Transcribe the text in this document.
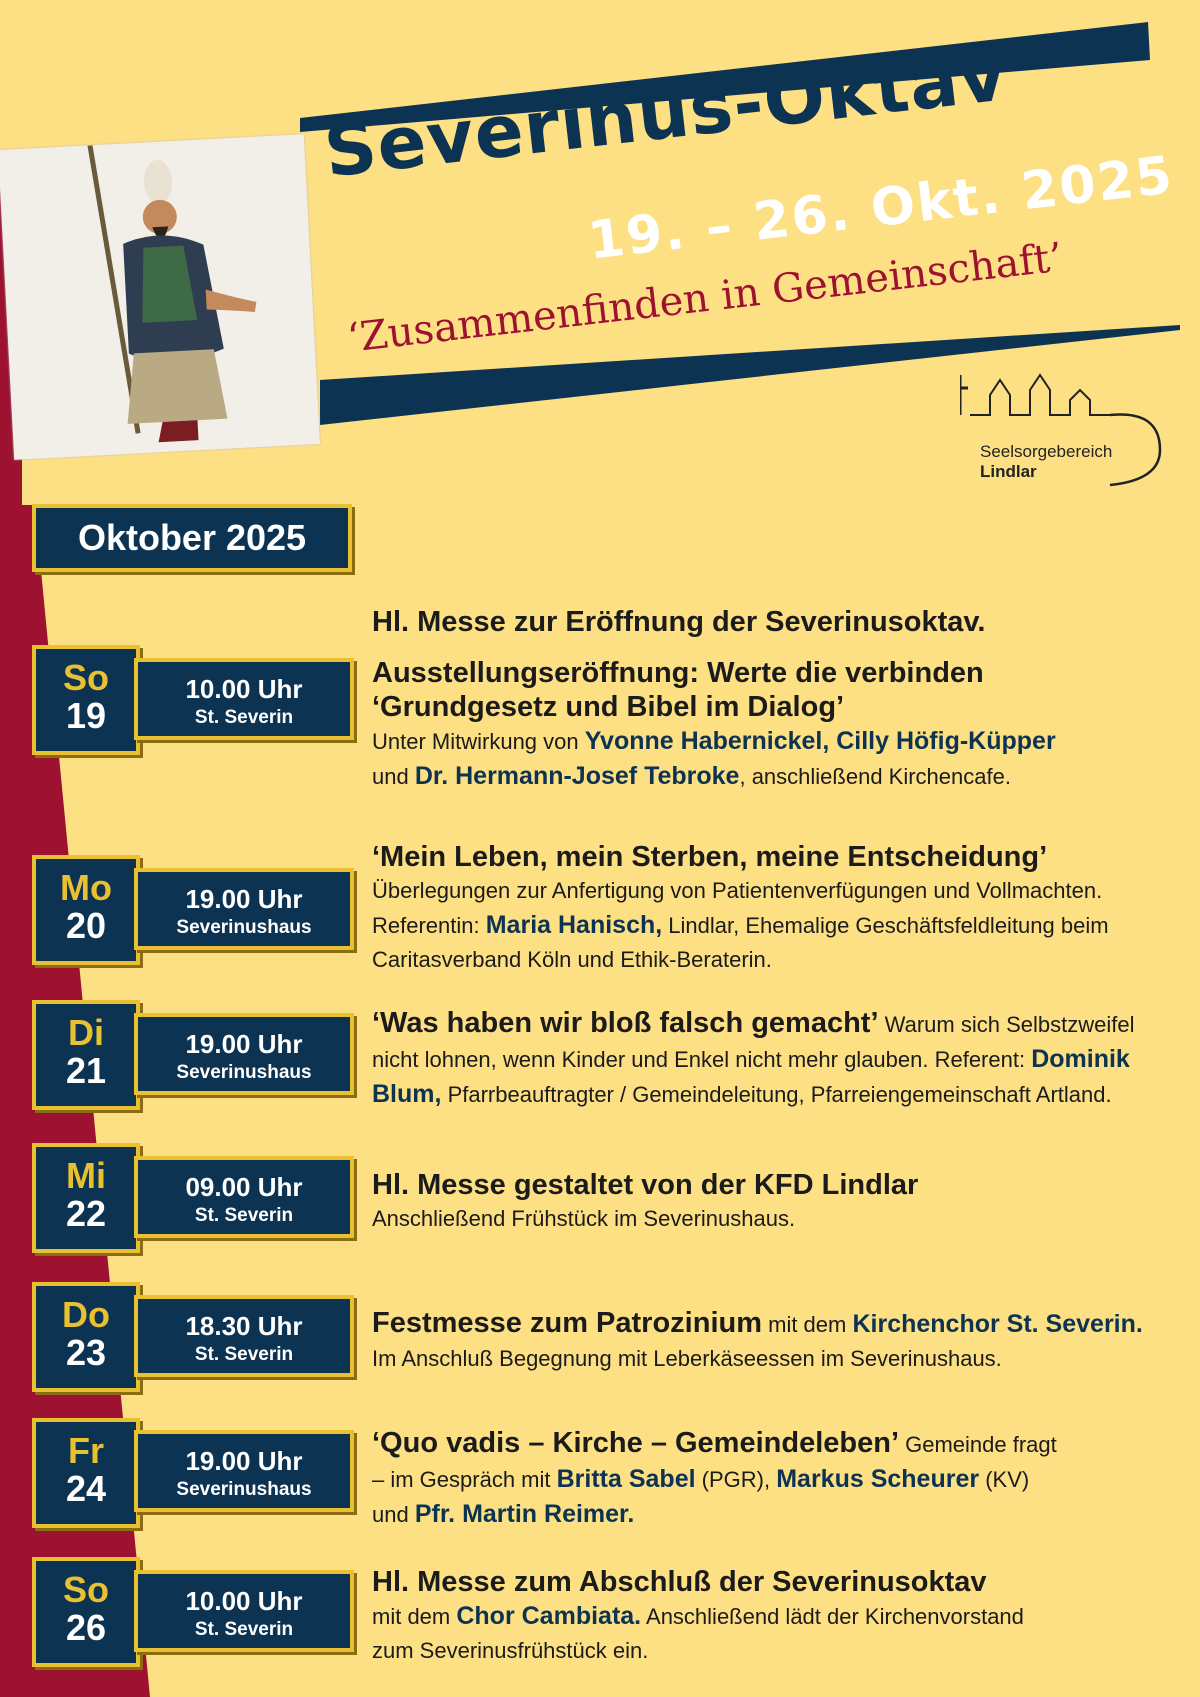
Severinus-Oktav
19. – 26. Okt. 2025
‘Zusammenfinden in Gemeinschaft’
Seelsorgebereich
Lindlar
Oktober 2025
Hl. Messe zur Eröffnung der Severinusoktav.
So
19
10.00 Uhr
St. Severin
Ausstellungseröffnung: Werte die verbinden
‘Grundgesetz und Bibel im Dialog’
Unter Mitwirkung von Yvonne Habernickel, Cilly Höfig-Küpper
und Dr. Hermann-Josef Tebroke, anschließend Kirchencafe.
Mo
20
19.00 Uhr
Severinushaus
‘Mein Leben, mein Sterben, meine Entscheidung’
Überlegungen zur Anfertigung von Patientenverfügungen und Vollmachten.
Referentin: Maria Hanisch, Lindlar, Ehemalige Geschäftsfeldleitung beim
Caritasverband Köln und Ethik-Beraterin.
Di
21
19.00 Uhr
Severinushaus
‘Was haben wir bloß falsch gemacht’ Warum sich Selbstzweifel
nicht lohnen, wenn Kinder und Enkel nicht mehr glauben. Referent: Dominik
Blum, Pfarrbeauftragter / Gemeindeleitung, Pfarreiengemeinschaft Artland.
Mi
22
09.00 Uhr
St. Severin
Hl. Messe gestaltet von der KFD Lindlar
Anschließend Frühstück im Severinushaus.
Do
23
18.30 Uhr
St. Severin
Festmesse zum Patrozinium mit dem Kirchenchor St. Severin.
Im Anschluß Begegnung mit Leberkäseessen im Severinushaus.
Fr
24
19.00 Uhr
Severinushaus
‘Quo vadis – Kirche – Gemeindeleben’ Gemeinde fragt
– im Gespräch mit Britta Sabel (PGR), Markus Scheurer (KV)
und Pfr. Martin Reimer.
So
26
10.00 Uhr
St. Severin
Hl. Messe zum Abschluß der Severinusoktav
mit dem Chor Cambiata. Anschließend lädt der Kirchenvorstand
zum Severinusfrühstück ein.
